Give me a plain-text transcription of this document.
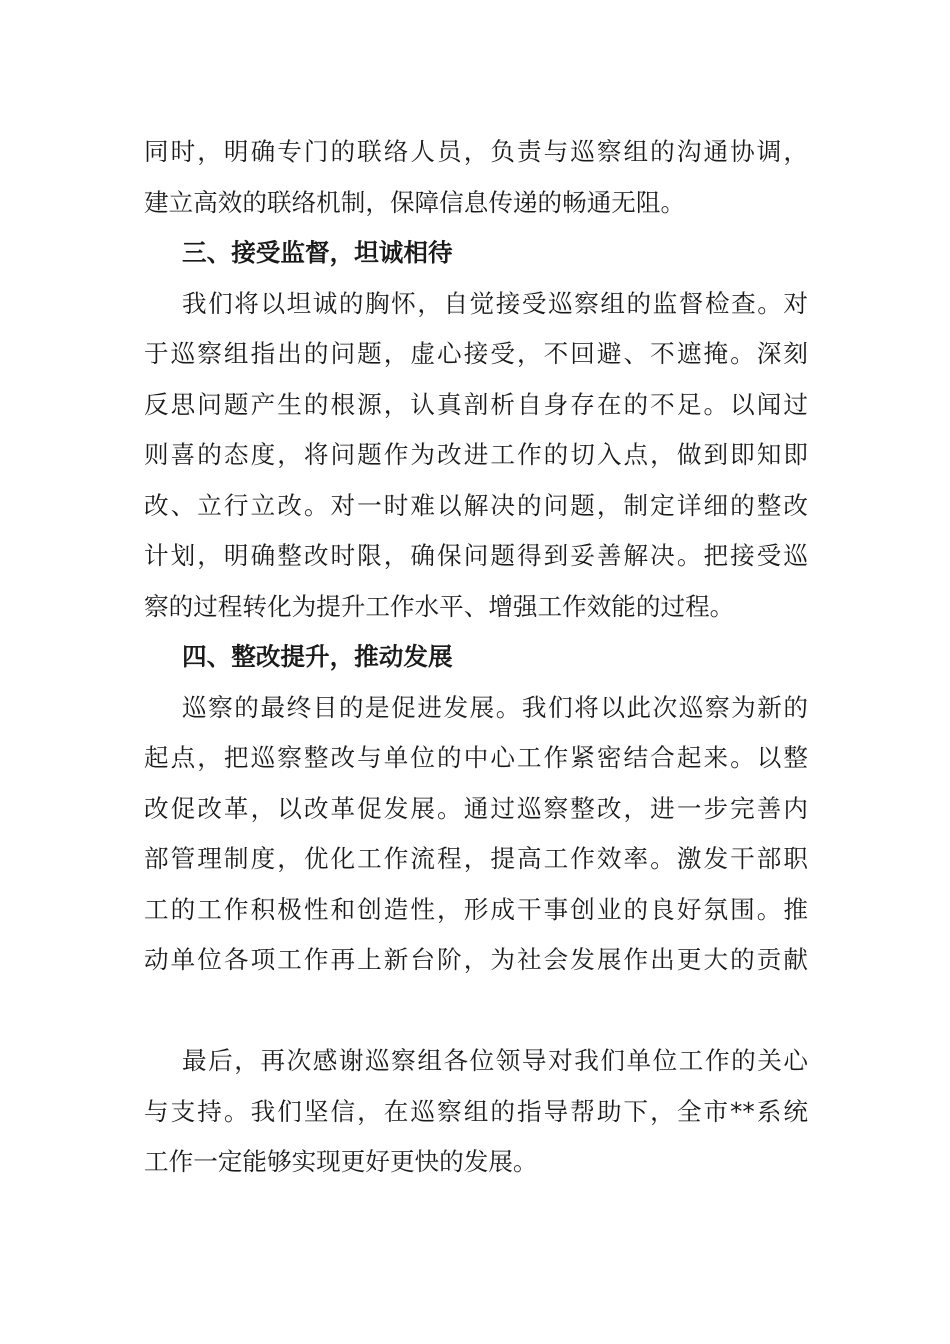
同时，明确专门的联络人员，负责与巡察组的沟通协调，
建立高效的联络机制，保障信息传递的畅通无阻。
三、接受监督，坦诚相待
我们将以坦诚的胸怀，自觉接受巡察组的监督检查。对
于巡察组指出的问题，虚心接受，不回避、不遮掩。深刻
反思问题产生的根源，认真剖析自身存在的不足。以闻过
则喜的态度，将问题作为改进工作的切入点，做到即知即
改、立行立改。对一时难以解决的问题，制定详细的整改
计划，明确整改时限，确保问题得到妥善解决。把接受巡
察的过程转化为提升工作水平、增强工作效能的过程。
四、整改提升，推动发展
巡察的最终目的是促进发展。我们将以此次巡察为新的
起点，把巡察整改与单位的中心工作紧密结合起来。以整
改促改革，以改革促发展。通过巡察整改，进一步完善内
部管理制度，优化工作流程，提高工作效率。激发干部职
工的工作积极性和创造性，形成干事创业的良好氛围。推
动单位各项工作再上新台阶，为社会发展作出更大的贡献
最后，再次感谢巡察组各位领导对我们单位工作的关心
与支持。我们坚信，在巡察组的指导帮助下，全市**系统
工作一定能够实现更好更快的发展。
